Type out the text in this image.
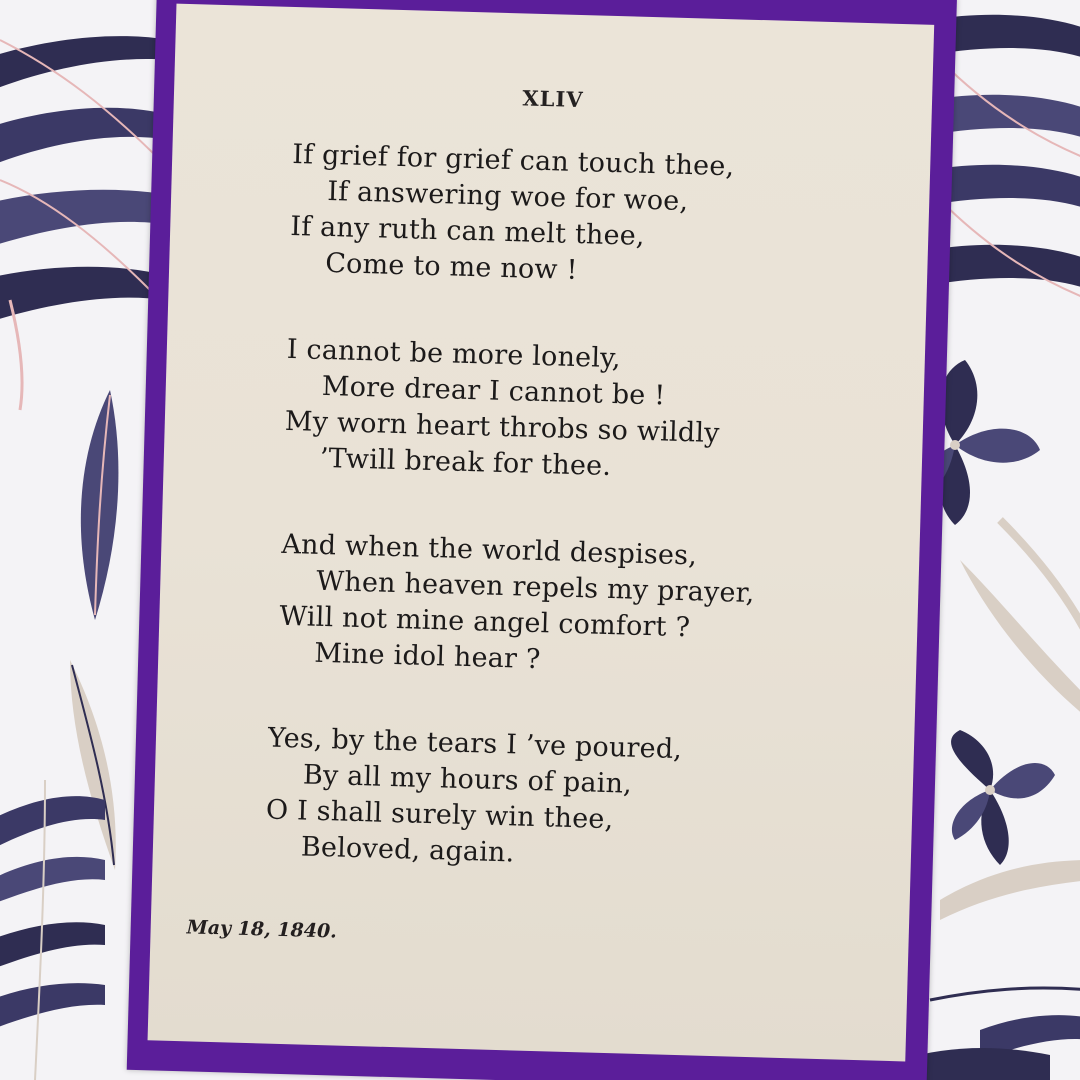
XLIV
If grief for grief can touch thee,
If answering woe for woe,
If any ruth can melt thee,
Come to me now !
I cannot be more lonely,
More drear I cannot be !
My worn heart throbs so wildly
’Twill break for thee.
And when the world despises,
When heaven repels my prayer,
Will not mine angel comfort ?
Mine idol hear ?
Yes, by the tears I ’ve poured,
By all my hours of pain,
O I shall surely win thee,
Beloved, again.
May 18, 1840.
